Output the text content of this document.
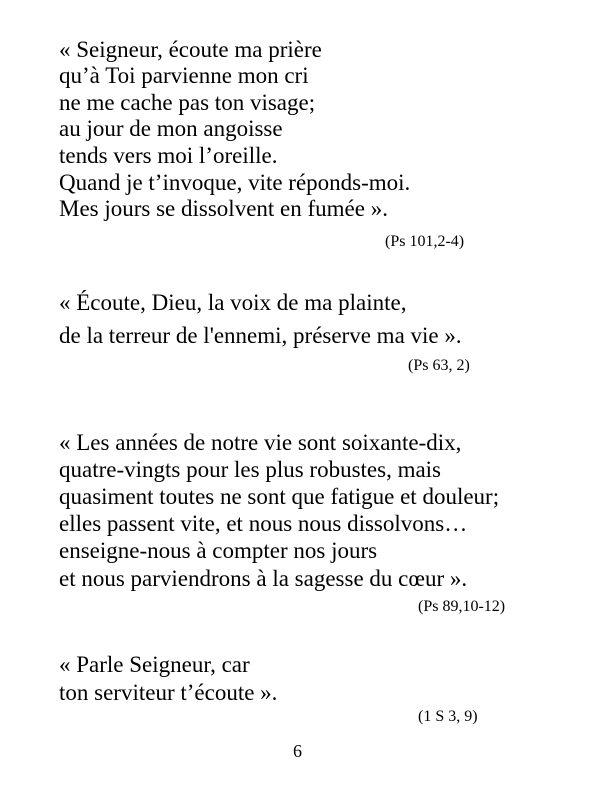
« Seigneur, écoute ma prière

qu’à Toi parvienne mon cri

ne me cache pas ton visage;

au jour de mon angoisse

tends vers moi l’oreille.

Quand je t’invoque, vite réponds-moi.

Mes jours se dissolvent en fumée ».

(Ps 101,2-4)

« Écoute, Dieu, la voix de ma plainte,

de la terreur de l'ennemi, préserve ma vie ».

(Ps 63, 2)

« Les années de notre vie sont soixante-dix,

quatre-vingts pour les plus robustes, mais

quasiment toutes ne sont que fatigue et douleur;

elles passent vite, et nous nous dissolvons…

enseigne-nous à compter nos jours

et nous parviendrons à la sagesse du cœur ».

(Ps 89,10-12)

« Parle Seigneur, car

ton serviteur t’écoute ».

(1 S 3, 9)
6
